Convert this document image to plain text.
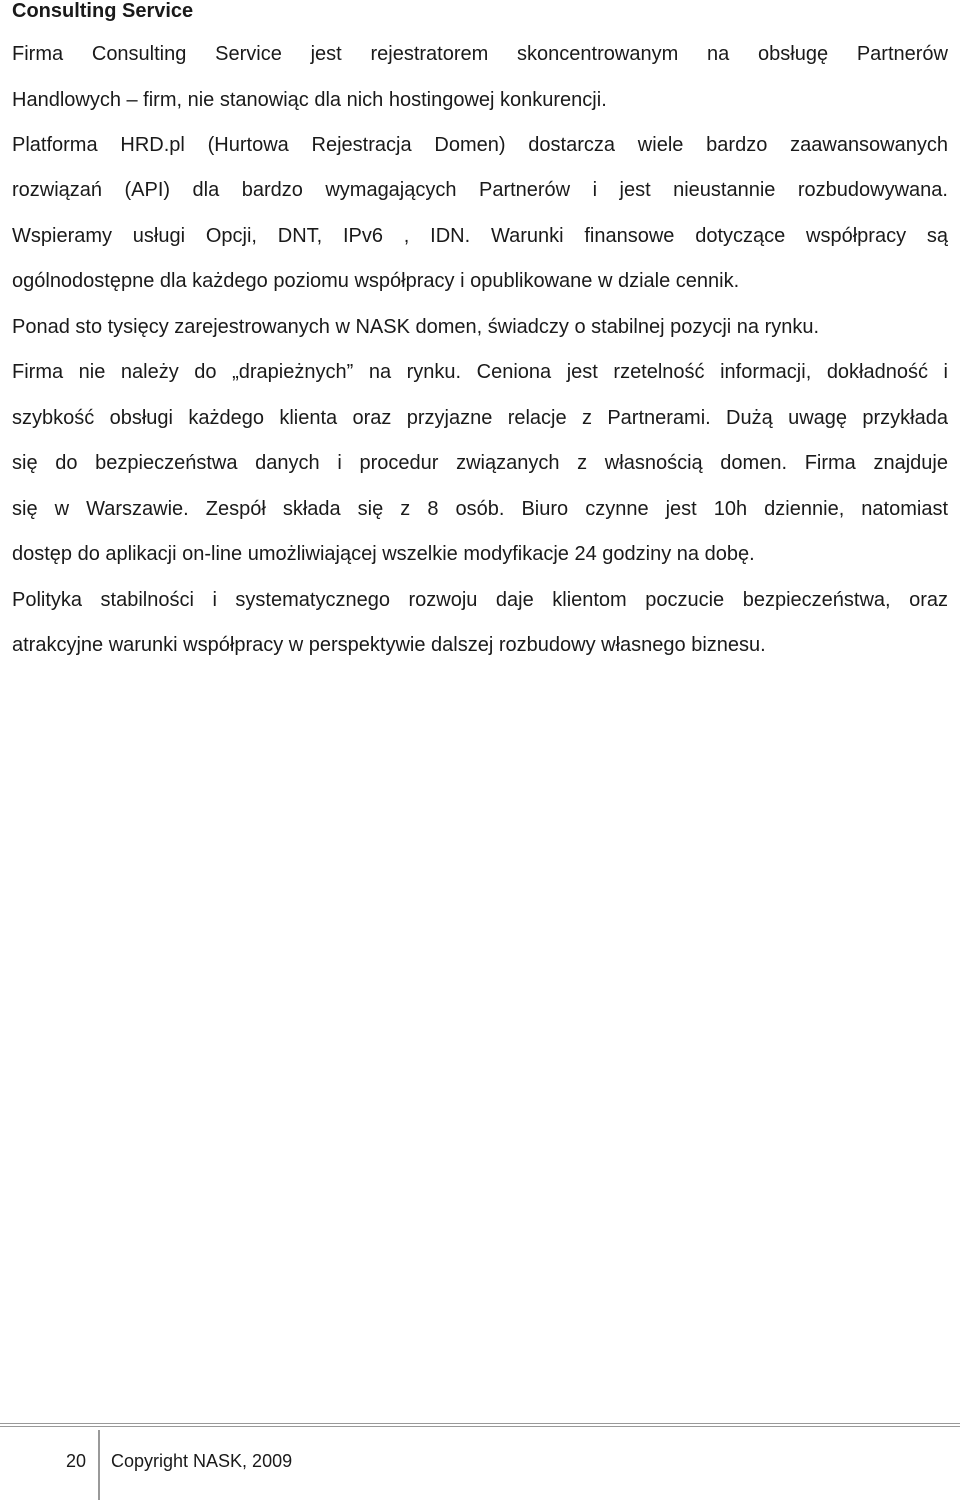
Consulting Service

Firma Consulting Service jest rejestratorem skoncentrowanym na obsługę Partnerów

Handlowych – firm, nie stanowiąc dla nich hostingowej konkurencji.

Platforma HRD.pl (Hurtowa Rejestracja Domen) dostarcza wiele bardzo zaawansowanych

rozwiązań (API) dla bardzo wymagających Partnerów i jest nieustannie rozbudowywana.

Wspieramy usługi Opcji, DNT, IPv6 , IDN. Warunki finansowe dotyczące współpracy są

ogólnodostępne dla każdego poziomu współpracy i opublikowane w dziale cennik.

Ponad sto tysięcy zarejestrowanych w NASK domen, świadczy o stabilnej pozycji na rynku.

Firma nie należy do „drapieżnych” na rynku. Ceniona jest rzetelność informacji, dokładność i

szybkość obsługi każdego klienta oraz przyjazne relacje z Partnerami. Dużą uwagę przykłada

się do bezpieczeństwa danych i procedur związanych z własnością domen. Firma znajduje

się w Warszawie. Zespół składa się z 8 osób. Biuro czynne jest 10h dziennie, natomiast

dostęp do aplikacji on-line umożliwiającej wszelkie modyfikacje 24 godziny na dobę.

Polityka stabilności i systematycznego rozwoju daje klientom poczucie bezpieczeństwa, oraz

atrakcyjne warunki współpracy w perspektywie dalszej rozbudowy własnego biznesu.

20 Copyright NASK, 2009
